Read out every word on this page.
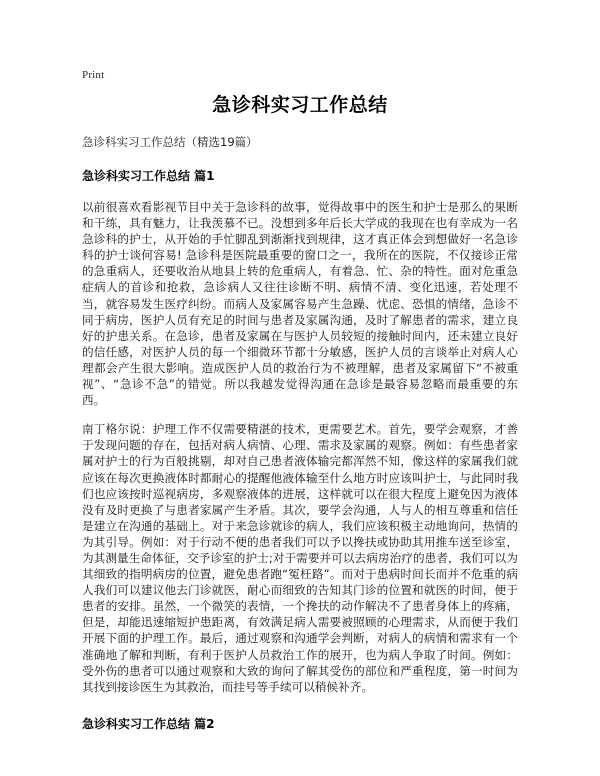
Print
急诊科实习工作总结

急诊科实习工作总结（精选19篇）

急诊科实习工作总结 篇1

以前很喜欢看影视节目中关于急诊科的故事，觉得故事中的医生和护士是那么的果断和干练，具有魅力，让我羡慕不已。没想到多年后长大学成的我现在也有幸成为一名急诊科的护士，从开始的手忙脚乱到渐渐找到规律，这才真正体会到想做好一名急诊科的护士谈何容易! 急诊科是医院最重要的窗口之一，我所在的医院，不仅接诊正常的急重病人，还要收治从地县上转的危重病人，有着急、忙、杂的特性。面对危重急症病人的首诊和抢救，急诊病人又往往诊断不明、病情不清、变化迅速，若处理不当，就容易发生医疗纠纷。而病人及家属容易产生急躁、忧虑、恐惧的情绪，急诊不同于病房，医护人员有充足的时间与患者及家属沟通，及时了解患者的需求，建立良好的护患关系。在急诊，患者及家属在与医护人员较短的接触时间内，还未建立良好的信任感，对医护人员的每一个细微环节都十分敏感，医护人员的言谈举止对病人心理都会产生很大影响。造成医护人员的救治行为不被理解，患者及家属留下“不被重视”、“急诊不急”的错觉。所以我越发觉得沟通在急诊是最容易忽略而最重要的东西。

南丁格尔说：护理工作不仅需要精湛的技术，更需要艺术。首先，要学会观察，才善于发现问题的存在，包括对病人病情、心理、需求及家属的观察。例如：有些患者家属对护士的行为百般挑剔，却对自己患者液体输完都浑然不知，像这样的家属我们就应该在每次更换液体时都耐心的提醒他液体输至什么地方时应该叫护士，与此同时我们也应该按时巡视病房，多观察液体的进展，这样就可以在很大程度上避免因为液体没有及时更换了与患者家属产生矛盾。其次，要学会沟通，人与人的相互尊重和信任是建立在沟通的基础上。对于来急诊就诊的病人，我们应该积极主动地询问，热情的为其引导。例如：对于行动不便的患者我们可以予以搀扶或协助其用推车送至诊室，为其测量生命体征，交予诊室的护士;对于需要并可以去病房治疗的患者，我们可以为其细致的指明病房的位置，避免患者跑“冤枉路”。而对于患病时间长而并不危重的病人我们可以建议他去门诊就医，耐心而细致的告知其门诊的位置和就医的时间，便于患者的安排。虽然，一个微笑的表情，一个搀扶的动作解决不了患者身体上的疼痛，但是，却能迅速缩短护患距离，有效满足病人需要被照顾的心理需求，从而便于我们开展下面的护理工作。最后，通过观察和沟通学会判断，对病人的病情和需求有一个准确地了解和判断，有利于医护人员救治工作的展开，也为病人争取了时间。例如：受外伤的患者可以通过观察和大致的询问了解其受伤的部位和严重程度，第一时间为其找到接诊医生为其救治，而挂号等手续可以稍候补齐。

急诊科实习工作总结 篇2
